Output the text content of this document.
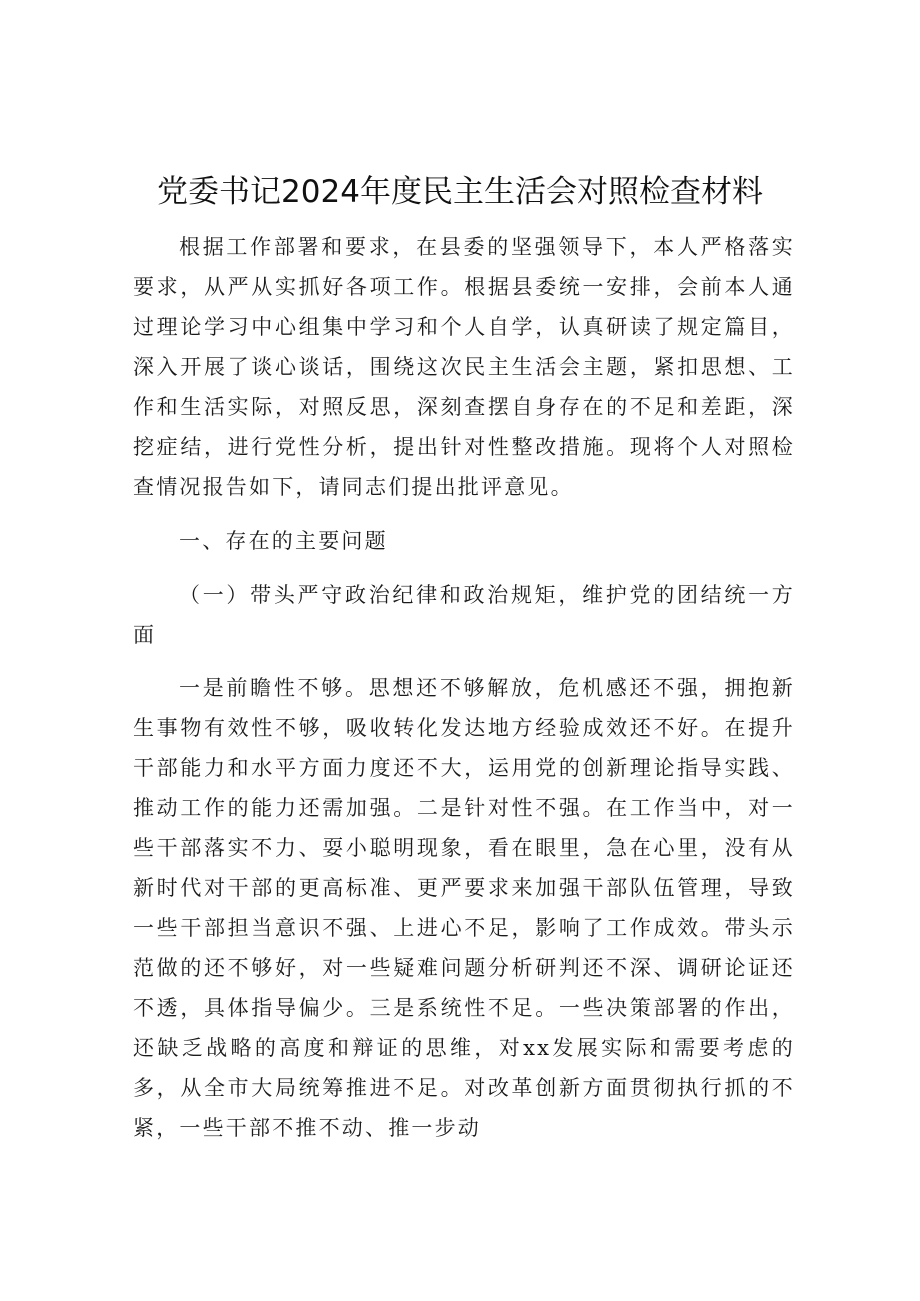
党委书记2024年度民主生活会对照检查材料

根据工作部署和要求，在县委的坚强领导下，本人严格落实要求，从严从实抓好各项工作。根据县委统一安排，会前本人通过理论学习中心组集中学习和个人自学，认真研读了规定篇目，深入开展了谈心谈话，围绕这次民主生活会主题，紧扣思想、工作和生活实际，对照反思，深刻查摆自身存在的不足和差距，深挖症结，进行党性分析，提出针对性整改措施。现将个人对照检查情况报告如下，请同志们提出批评意见。

一、存在的主要问题

（一）带头严守政治纪律和政治规矩，维护党的团结统一方面

一是前瞻性不够。思想还不够解放，危机感还不强，拥抱新生事物有效性不够，吸收转化发达地方经验成效还不好。在提升干部能力和水平方面力度还不大，运用党的创新理论指导实践、推动工作的能力还需加强。二是针对性不强。在工作当中，对一些干部落实不力、耍小聪明现象，看在眼里，急在心里，没有从新时代对干部的更高标准、更严要求来加强干部队伍管理，导致一些干部担当意识不强、上进心不足，影响了工作成效。带头示范做的还不够好，对一些疑难问题分析研判还不深、调研论证还不透，具体指导偏少。三是系统性不足。一些决策部署的作出，还缺乏战略的高度和辩证的思维，对xx发展实际和需要考虑的多，从全市大局统筹推进不足。对改革创新方面贯彻执行抓的不紧，一些干部不推不动、推一步动
